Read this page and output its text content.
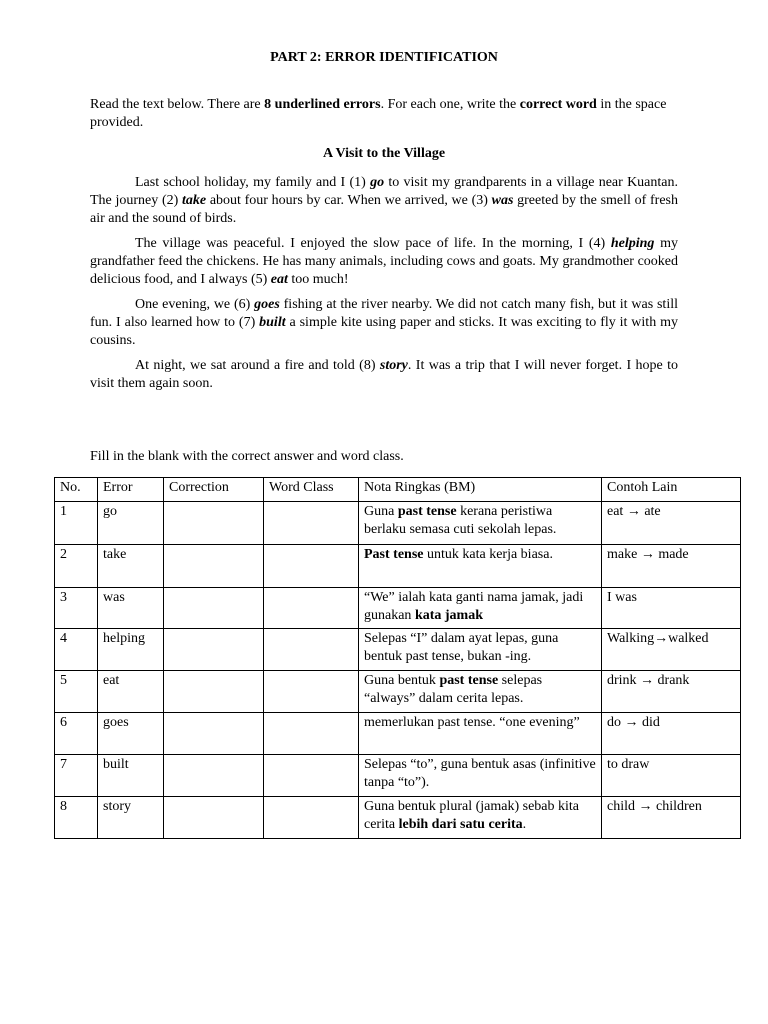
PART 2: ERROR IDENTIFICATION
Read the text below. There are 8 underlined errors. For each one, write the correct word in the space provided.
A Visit to the Village

Last school holiday, my family and I (1) go to visit my grandparents in a village near Kuantan. The journey (2) take about four hours by car. When we arrived, we (3) was greeted by the smell of fresh air and the sound of birds.

The village was peaceful. I enjoyed the slow pace of life. In the morning, I (4) helping my grandfather feed the chickens. He has many animals, including cows and goats. My grandmother cooked delicious food, and I always (5) eat too much!

One evening, we (6) goes fishing at the river nearby. We did not catch many fish, but it was still fun. I also learned how to (7) built a simple kite using paper and sticks. It was exciting to fly it with my cousins.

At night, we sat around a fire and told (8) story. It was a trip that I will never forget. I hope to visit them again soon.

Fill in the blank with the correct answer and word class.
No.	Error	Correction	Word Class	Nota Ringkas (BM)	Contoh Lain
1	go			Guna past tense kerana peristiwa berlaku semasa cuti sekolah lepas.	eat → ate
2	take			Past tense untuk kata kerja biasa.	make → made
3	was			“We” ialah kata ganti nama jamak, jadi gunakan kata jamak	I was
4	helping			Selepas “I” dalam ayat lepas, guna bentuk past tense, bukan -ing.	Walking→walked
5	eat			Guna bentuk past tense selepas “always” dalam cerita lepas.	drink → drank
6	goes			memerlukan past tense. “one evening”	do → did
7	built			Selepas “to”, guna bentuk asas (infinitive tanpa “to”).	to draw
8	story			Guna bentuk plural (jamak) sebab kita cerita lebih dari satu cerita.	child → children
